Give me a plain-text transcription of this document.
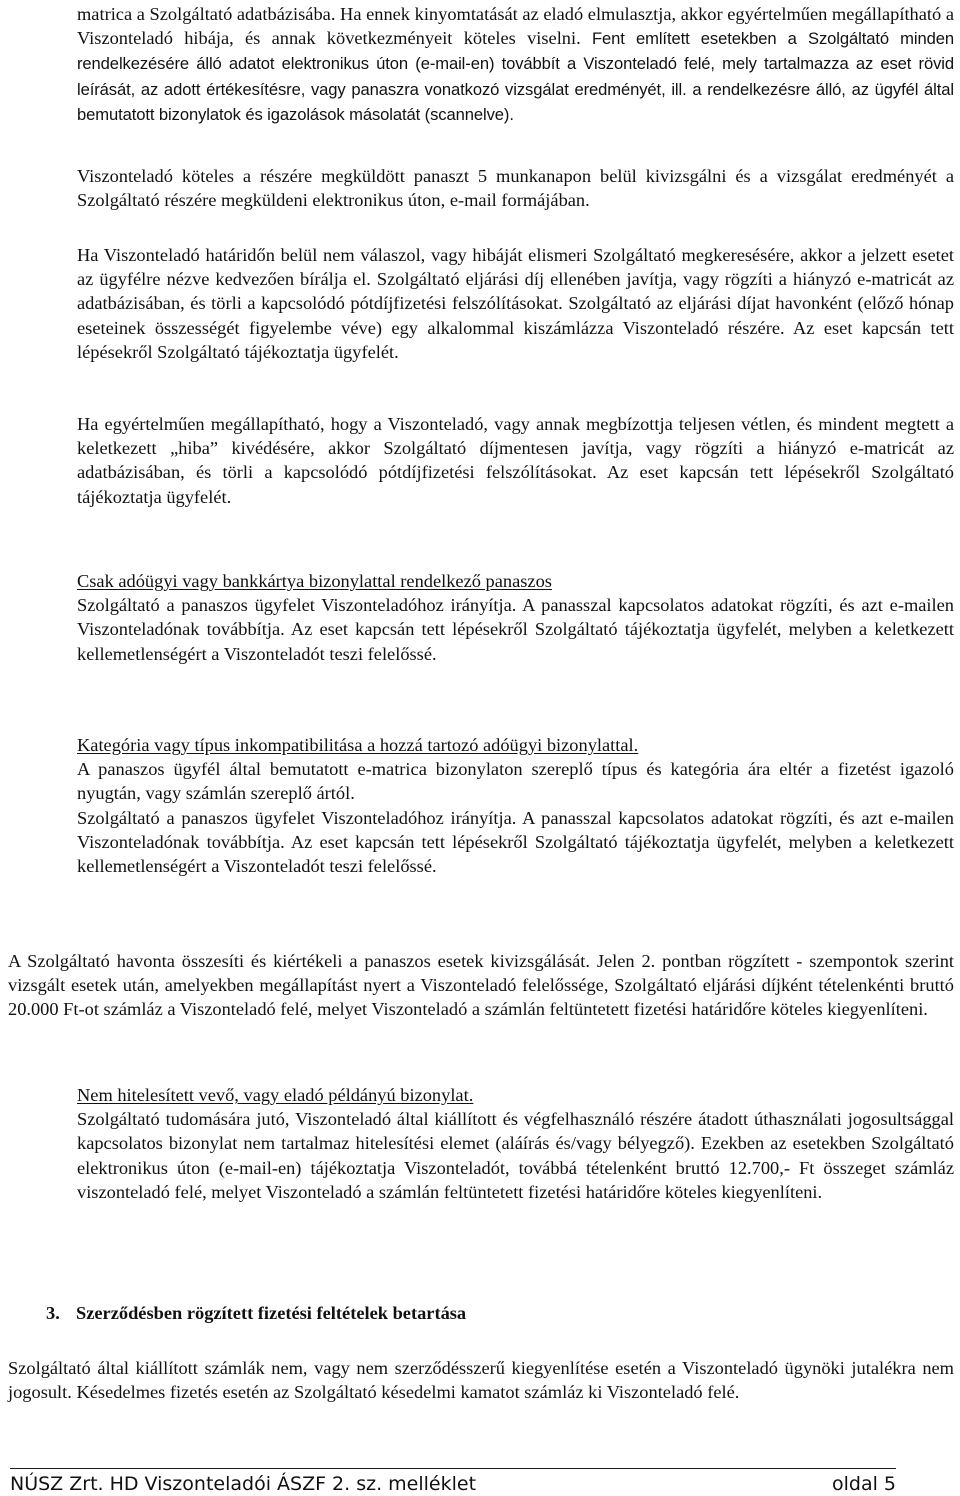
matrica a Szolgáltató adatbázisába. Ha ennek kinyomtatását az eladó elmulasztja, akkor egyértelműen megállapítható a Viszonteladó hibája, és annak következményeit köteles viselni. Fent említett esetekben a Szolgáltató minden rendelkezésére álló adatot elektronikus úton (e-mail-en) továbbít a Viszonteladó felé, mely tartalmazza az eset rövid leírását, az adott értékesítésre, vagy panaszra vonatkozó vizsgálat eredményét, ill. a rendelkezésre álló, az ügyfél által bemutatott bizonylatok és igazolások másolatát (scannelve).

Viszonteladó köteles a részére megküldött panaszt 5 munkanapon belül kivizsgálni és a vizsgálat eredményét a Szolgáltató részére megküldeni elektronikus úton, e-mail formájában.

Ha Viszonteladó határidőn belül nem válaszol, vagy hibáját elismeri Szolgáltató megkeresésére, akkor a jelzett esetet az ügyfélre nézve kedvezően bírálja el. Szolgáltató eljárási díj ellenében javítja, vagy rögzíti a hiányzó e-matricát az adatbázisában, és törli a kapcsolódó pótdíjfizetési felszólításokat. Szolgáltató az eljárási díjat havonként (előző hónap eseteinek összességét figyelembe véve) egy alkalommal kiszámlázza Viszonteladó részére. Az eset kapcsán tett lépésekről Szolgáltató tájékoztatja ügyfelét.

Ha egyértelműen megállapítható, hogy a Viszonteladó, vagy annak megbízottja teljesen vétlen, és mindent megtett a keletkezett „hiba” kivédésére, akkor Szolgáltató díjmentesen javítja, vagy rögzíti a hiányzó e-matricát az adatbázisában, és törli a kapcsolódó pótdíjfizetési felszólításokat. Az eset kapcsán tett lépésekről Szolgáltató tájékoztatja ügyfelét.

Csak adóügyi vagy bankkártya bizonylattal rendelkező panaszos

Szolgáltató a panaszos ügyfelet Viszonteladóhoz irányítja. A panasszal kapcsolatos adatokat rögzíti, és azt e-mailen Viszonteladónak továbbítja. Az eset kapcsán tett lépésekről Szolgáltató tájékoztatja ügyfelét, melyben a keletkezett kellemetlenségért a Viszonteladót teszi felelőssé.

Kategória vagy típus inkompatibilitása a hozzá tartozó adóügyi bizonylattal.

A panaszos ügyfél által bemutatott e-matrica bizonylaton szereplő típus és kategória ára eltér a fizetést igazoló nyugtán, vagy számlán szereplő ártól.

Szolgáltató a panaszos ügyfelet Viszonteladóhoz irányítja. A panasszal kapcsolatos adatokat rögzíti, és azt e-mailen Viszonteladónak továbbítja. Az eset kapcsán tett lépésekről Szolgáltató tájékoztatja ügyfelét, melyben a keletkezett kellemetlenségért a Viszonteladót teszi felelőssé.

A Szolgáltató havonta összesíti és kiértékeli a panaszos esetek kivizsgálását. Jelen 2. pontban rögzített - szempontok szerint vizsgált esetek után, amelyekben megállapítást nyert a Viszonteladó felelőssége, Szolgáltató eljárási díjként tételenkénti bruttó 20.000 Ft-ot számláz a Viszonteladó felé, melyet Viszonteladó a számlán feltüntetett fizetési határidőre köteles kiegyenlíteni.

Nem hitelesített vevő, vagy eladó példányú bizonylat.

Szolgáltató tudomására jutó, Viszonteladó által kiállított és végfelhasználó részére átadott úthasználati jogosultsággal kapcsolatos bizonylat nem tartalmaz hitelesítési elemet (aláírás és/vagy bélyegző). Ezekben az esetekben Szolgáltató elektronikus úton (e-mail-en) tájékoztatja Viszonteladót, továbbá tételenként bruttó 12.700,- Ft összeget számláz viszonteladó felé, melyet Viszonteladó a számlán feltüntetett fizetési határidőre köteles kiegyenlíteni.

3. Szerződésben rögzített fizetési feltételek betartása

Szolgáltató által kiállított számlák nem, vagy nem szerződésszerű kiegyenlítése esetén a Viszonteladó ügynöki jutalékra nem jogosult. Késedelmes fizetés esetén az Szolgáltató késedelmi kamatot számláz ki Viszonteladó felé.

NÚSZ Zrt. HD Viszonteladói ÁSZF 2. sz. melléklet	oldal 5
